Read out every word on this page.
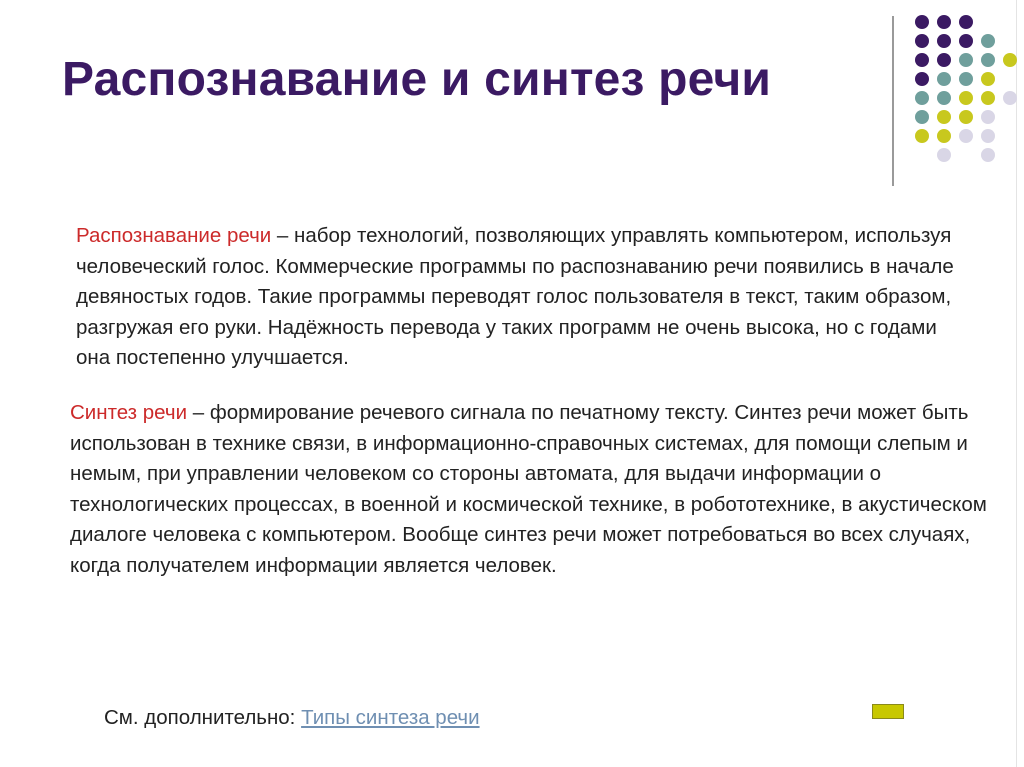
Распознавание и синтез речи
Распознавание речи – набор технологий, позволяющих управлять компьютером, используя человеческий голос. Коммерческие программы по распознаванию речи появились в начале девяностых годов. Такие программы переводят голос пользователя в текст, таким образом, разгружая его руки. Надёжность перевода у таких программ не очень высока, но с годами она постепенно улучшается.
Синтез речи – формирование речевого сигнала по печатному тексту. Синтез речи может быть использован в технике связи, в информационно-справочных системах, для помощи слепым и немым, при управлении человеком со стороны автомата, для выдачи информации о технологических процессах, в военной и космической технике, в робототехнике, в акустическом диалоге человека с компьютером. Вообще синтез речи может потребоваться во всех случаях, когда получателем информации является человек.
См. дополнительно: Типы синтеза речи
